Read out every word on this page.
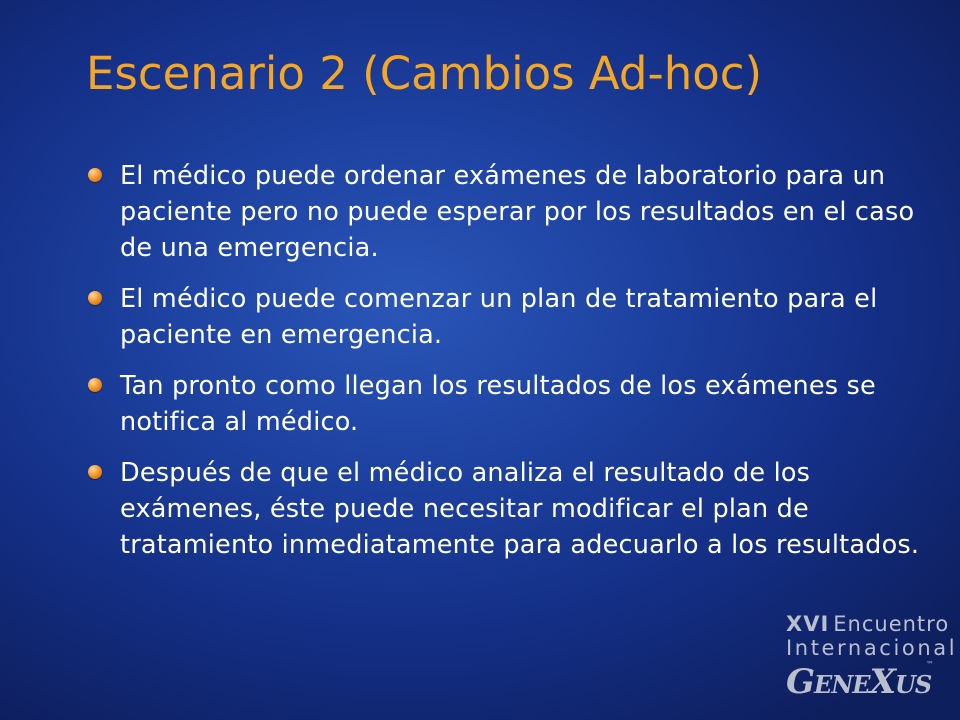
Escenario 2 (Cambios Ad-hoc)
El médico puede ordenar exámenes de laboratorio para un paciente pero no puede esperar por los resultados en el caso de una emergencia.
El médico puede comenzar un plan de tratamiento para el paciente en emergencia.
Tan pronto como llegan los resultados de los exámenes se notifica al médico.
Después de que el médico analiza el resultado de los exámenes, éste puede necesitar modificar el plan de tratamiento inmediatamente para adecuarlo a los resultados.
XVI Encuentro
Internacional
GENEXUS
™
